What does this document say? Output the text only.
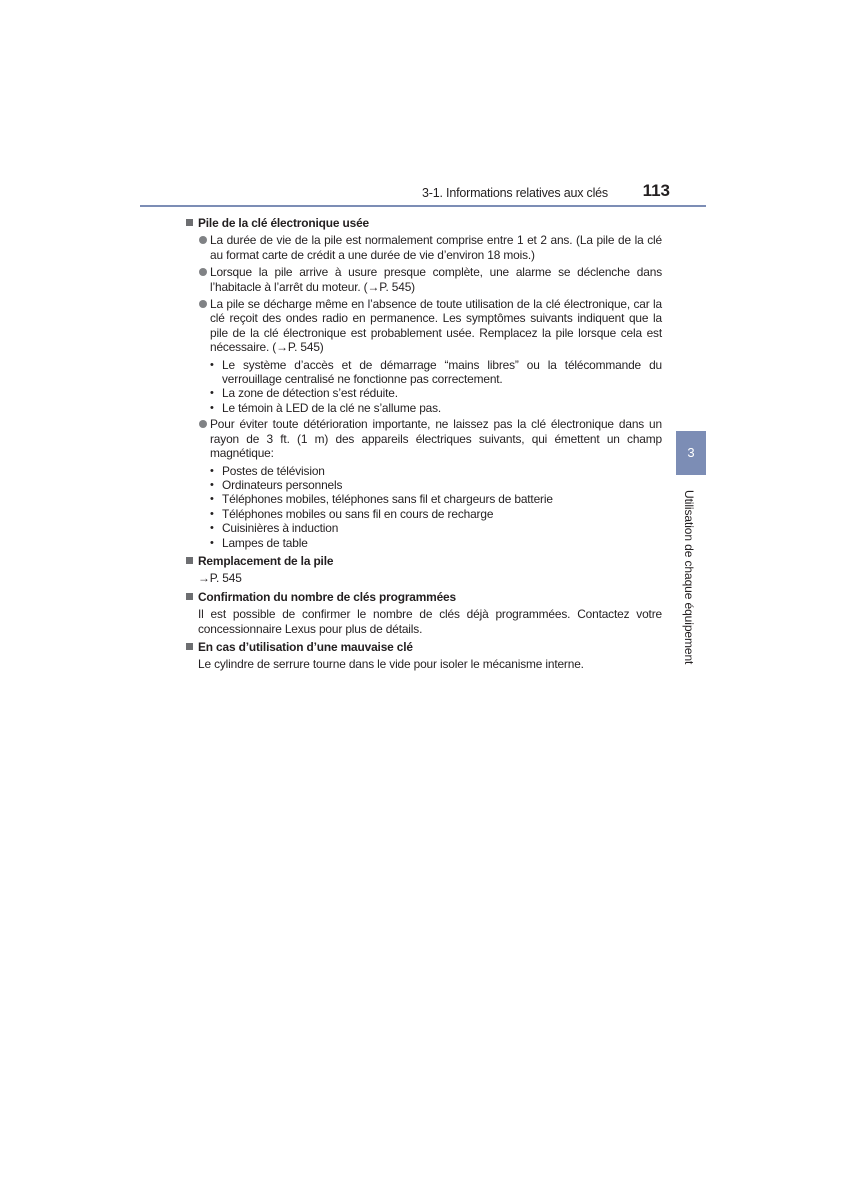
3-1. Informations relatives aux clés 113
3
Utilisation de chaque équipement
Pile de la clé électronique usée
La durée de vie de la pile est normalement comprise entre 1 et 2 ans. (La pile de la clé au format carte de crédit a une durée de vie d’environ 18 mois.)
Lorsque la pile arrive à usure presque complète, une alarme se déclenche dans l’habitacle à l’arrêt du moteur. (→P. 545)
La pile se décharge même en l’absence de toute utilisation de la clé électronique, car la clé reçoit des ondes radio en permanence. Les symptômes suivants indiquent que la pile de la clé électronique est probablement usée. Remplacez la pile lorsque cela est nécessaire. (→P. 545)
• Le système d’accès et de démarrage “mains libres” ou la télécommande du verrouillage centralisé ne fonctionne pas correctement.
• La zone de détection s’est réduite.
• Le témoin à LED de la clé ne s’allume pas.
Pour éviter toute détérioration importante, ne laissez pas la clé électronique dans un rayon de 3 ft. (1 m) des appareils électriques suivants, qui émettent un champ magnétique:
• Postes de télévision
• Ordinateurs personnels
• Téléphones mobiles, téléphones sans fil et chargeurs de batterie
• Téléphones mobiles ou sans fil en cours de recharge
• Cuisinières à induction
• Lampes de table
Remplacement de la pile
→P. 545
Confirmation du nombre de clés programmées
Il est possible de confirmer le nombre de clés déjà programmées. Contactez votre concessionnaire Lexus pour plus de détails.
En cas d’utilisation d’une mauvaise clé
Le cylindre de serrure tourne dans le vide pour isoler le mécanisme interne.
